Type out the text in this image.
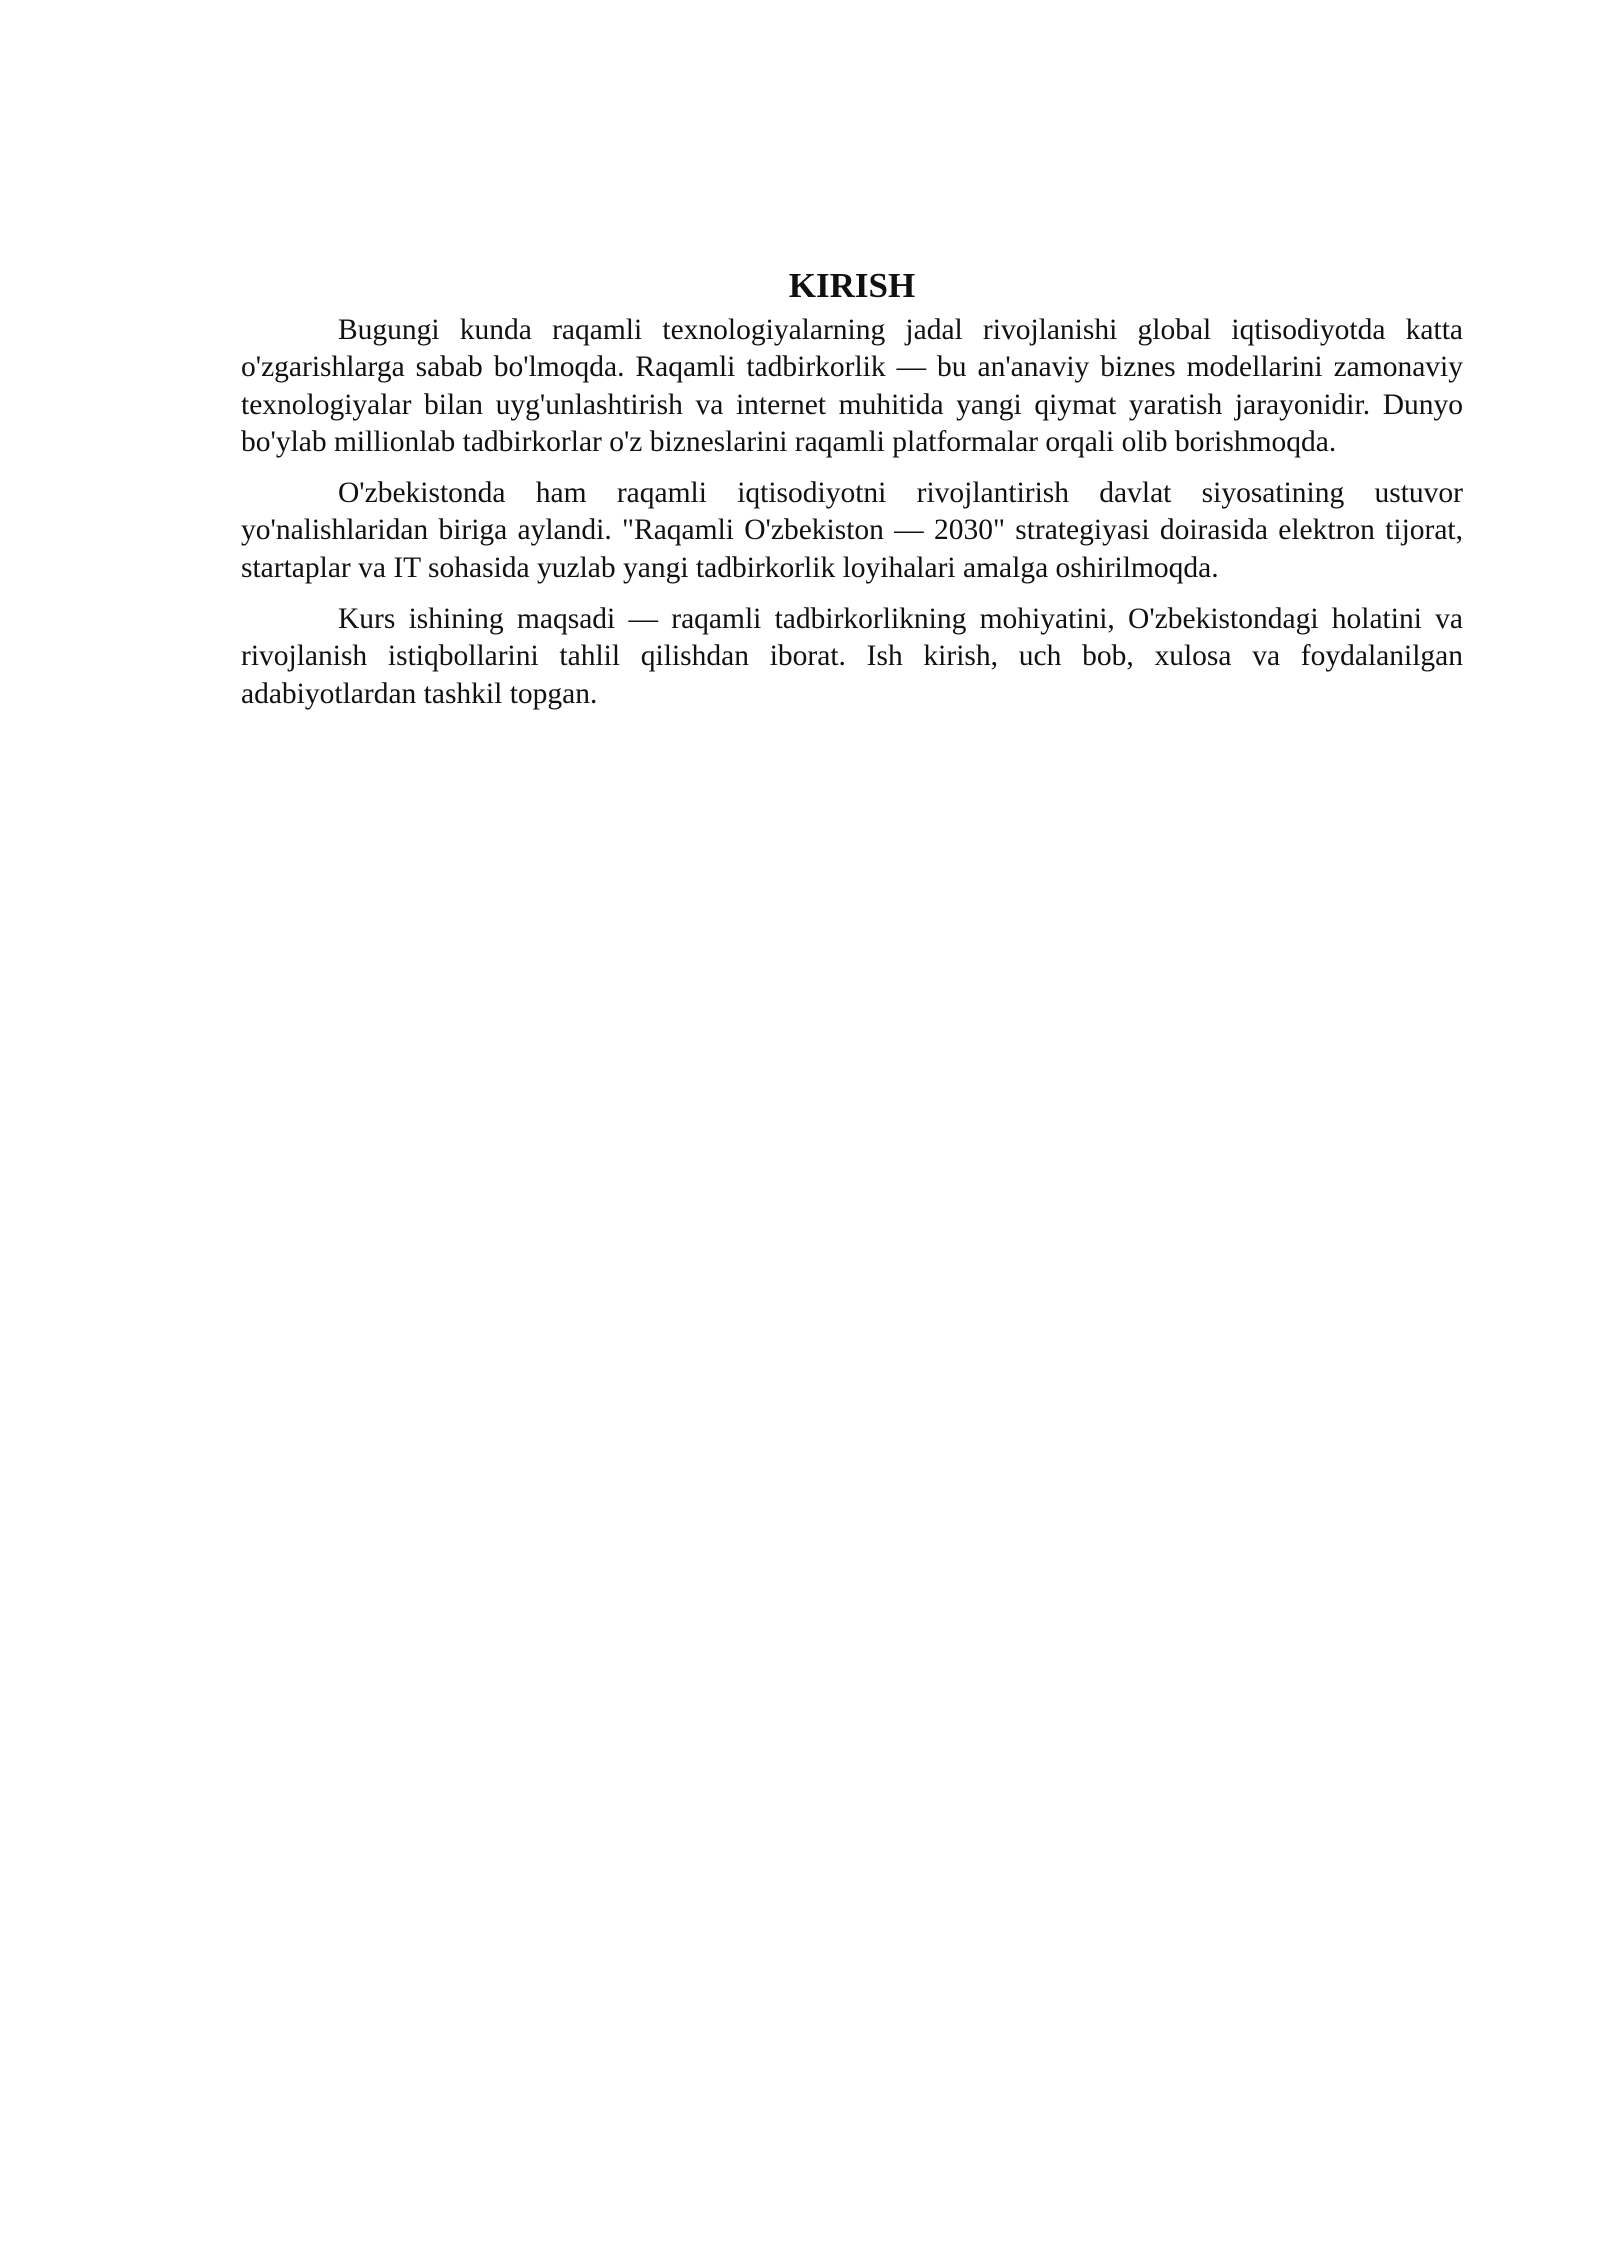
KIRISH

Bugungi kunda raqamli texnologiyalarning jadal rivojlanishi global iqtisodiyotda katta o'zgarishlarga sabab bo'lmoqda. Raqamli tadbirkorlik — bu an'anaviy biznes modellarini zamonaviy texnologiyalar bilan uyg'unlashtirish va internet muhitida yangi qiymat yaratish jarayonidir. Dunyo bo'ylab millionlab tadbirkorlar o'z bizneslarini raqamli platformalar orqali olib borishmoqda.

O'zbekistonda ham raqamli iqtisodiyotni rivojlantirish davlat siyosatining ustuvor yo'nalishlaridan biriga aylandi. "Raqamli O'zbekiston — 2030" strategiyasi doirasida elektron tijorat, startaplar va IT sohasida yuzlab yangi tadbirkorlik loyihalari amalga oshirilmoqda.

Kurs ishining maqsadi — raqamli tadbirkorlikning mohiyatini, O'zbekistondagi holatini va rivojlanish istiqbollarini tahlil qilishdan iborat. Ish kirish, uch bob, xulosa va foydalanilgan adabiyotlardan tashkil topgan.
